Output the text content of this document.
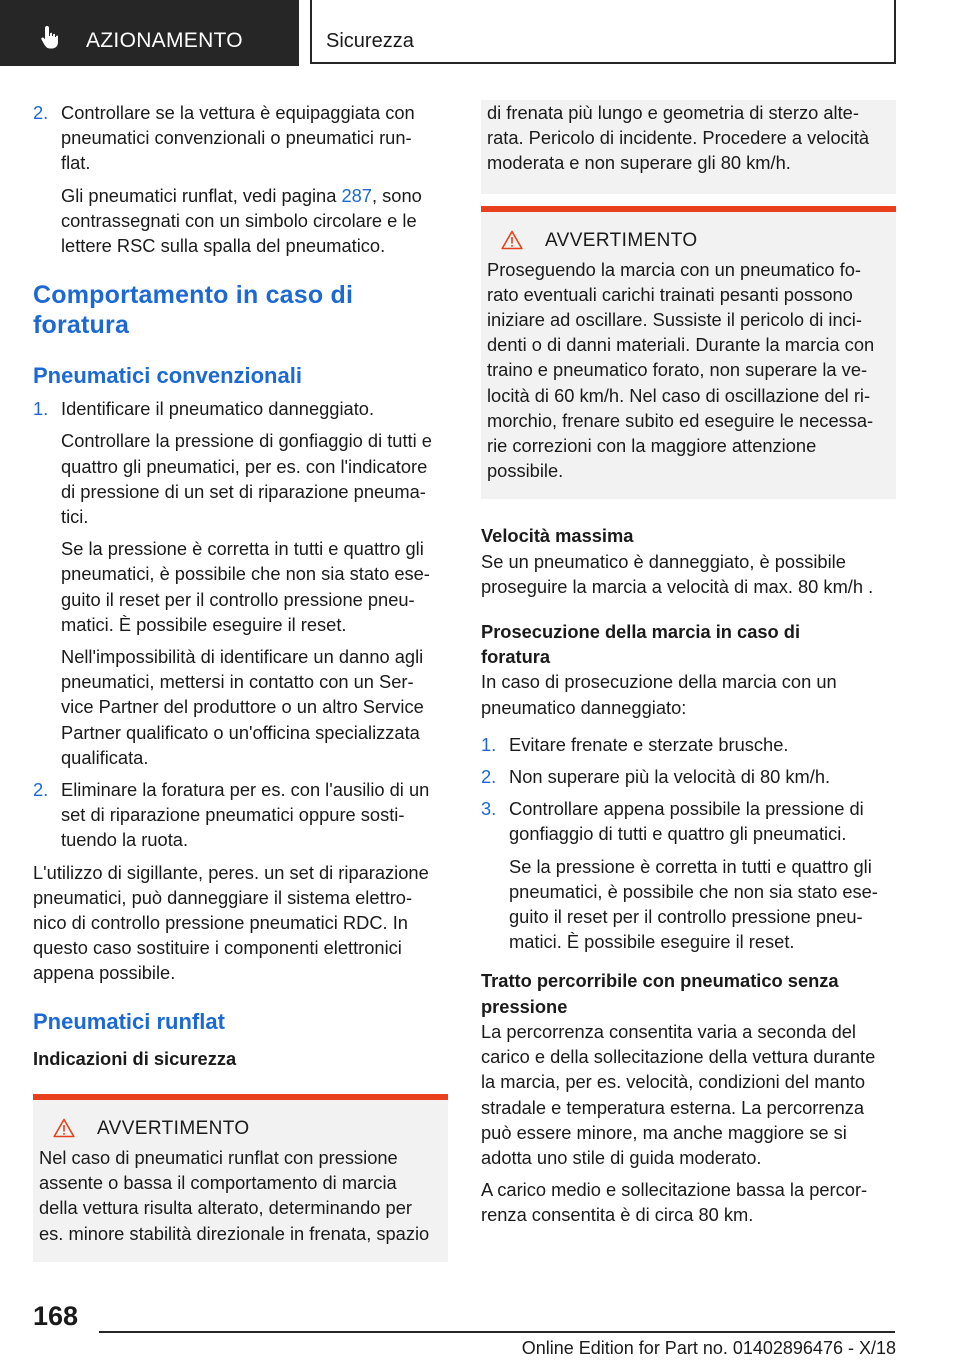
AZIONAMENTO	Sicurezza
2. Controllare se la vettura è equipaggiata con
pneumatici convenzionali o pneumatici run‐
flat.

Gli pneumatici runflat, vedi pagina 287, sono
contrassegnati con un simbolo circolare e le
lettere RSC sulla spalla del pneumatico.

Comportamento in caso di
foratura
Pneumatici convenzionali
1. Identificare il pneumatico danneggiato.

Controllare la pressione di gonfiaggio di tutti e
quattro gli pneumatici, per es. con l'indicatore
di pressione di un set di riparazione pneuma‐
tici.

Se la pressione è corretta in tutti e quattro gli
pneumatici, è possibile che non sia stato ese‐
guito il reset per il controllo pressione pneu‐
matici. È possibile eseguire il reset.

Nell'impossibilità di identificare un danno agli
pneumatici, mettersi in contatto con un Ser‐
vice Partner del produttore o un altro Service
Partner qualificato o un'officina specializzata
qualificata.

2. Eliminare la foratura per es. con l'ausilio di un
set di riparazione pneumatici oppure sosti‐
tuendo la ruota.

L'utilizzo di sigillante, peres. un set di riparazione
pneumatici, può danneggiare il sistema elettro‐
nico di controllo pressione pneumatici RDC. In
questo caso sostituire i componenti elettronici
appena possibile.

Pneumatici runflat
Indicazioni di sicurezza
AVVERTIMENTO

Nel caso di pneumatici runflat con pressione
assente o bassa il comportamento di marcia
della vettura risulta alterato, determinando per
es. minore stabilità direzionale in frenata, spazio

di frenata più lungo e geometria di sterzo alte‐
rata. Pericolo di incidente. Procedere a velocità
moderata e non superare gli 80 km/h.

AVVERTIMENTO

Proseguendo la marcia con un pneumatico fo‐
rato eventuali carichi trainati pesanti possono
iniziare ad oscillare. Sussiste il pericolo di inci‐
denti o di danni materiali. Durante la marcia con
traino e pneumatico forato, non superare la ve‐
locità di 60 km/h. Nel caso di oscillazione del ri‐
morchio, frenare subito ed eseguire le necessa‐
rie correzioni con la maggiore attenzione
possibile.

Velocità massima

Se un pneumatico è danneggiato, è possibile
proseguire la marcia a velocità di max. 80 km/h .

Prosecuzione della marcia in caso di
foratura

In caso di prosecuzione della marcia con un
pneumatico danneggiato:

1. Evitare frenate e sterzate brusche.

2. Non superare più la velocità di 80 km/h.

3. Controllare appena possibile la pressione di
gonfiaggio di tutti e quattro gli pneumatici.

Se la pressione è corretta in tutti e quattro gli
pneumatici, è possibile che non sia stato ese‐
guito il reset per il controllo pressione pneu‐
matici. È possibile eseguire il reset.

Tratto percorribile con pneumatico senza
pressione

La percorrenza consentita varia a seconda del
carico e della sollecitazione della vettura durante
la marcia, per es. velocità, condizioni del manto
stradale e temperatura esterna. La percorrenza
può essere minore, ma anche maggiore se si
adotta uno stile di guida moderato.

A carico medio e sollecitazione bassa la percor‐
renza consentita è di circa 80 km.

168
Online Edition for Part no. 01402896476 - X/18
